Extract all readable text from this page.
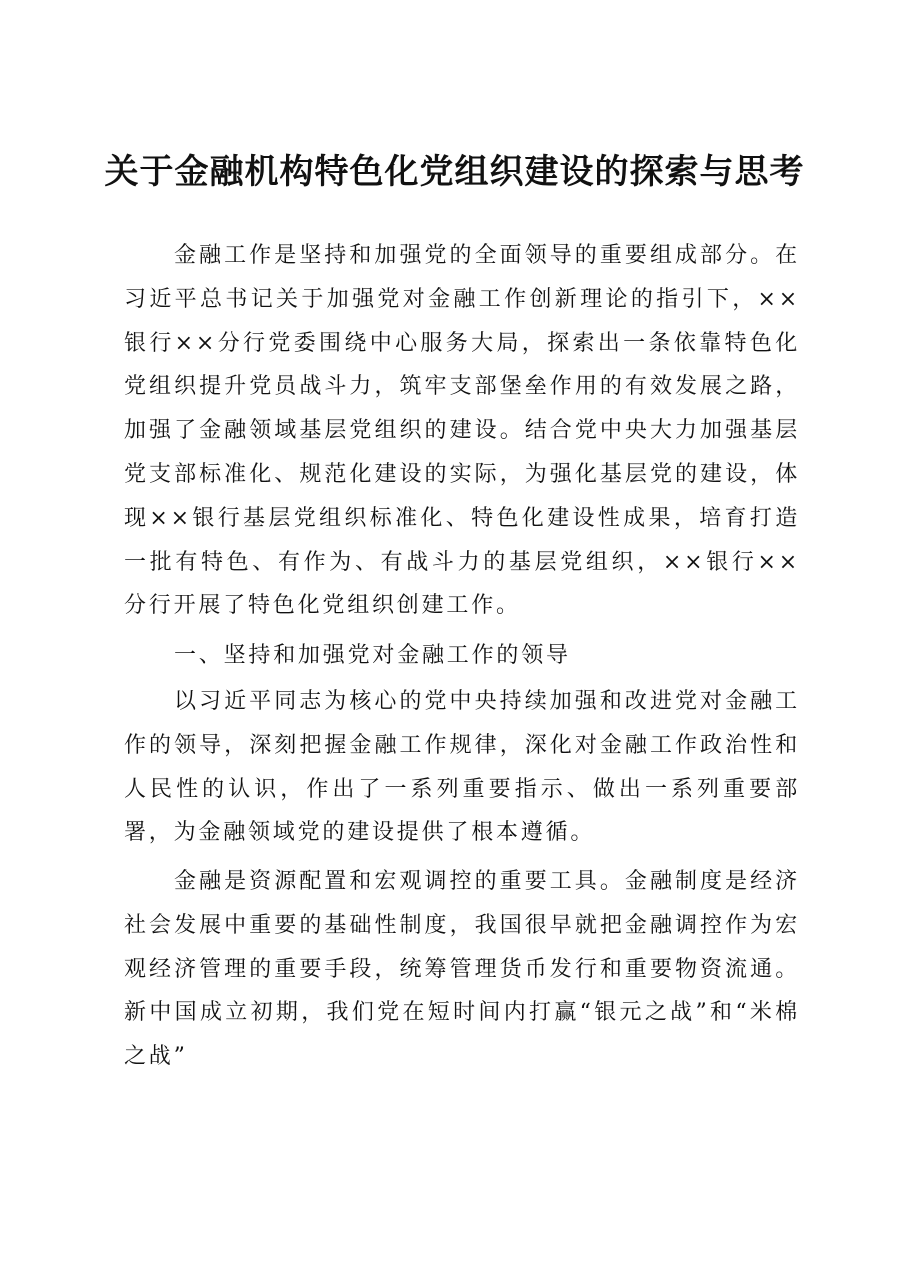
关于金融机构特色化党组织建设的探索与思考

金融工作是坚持和加强党的全面领导的重要组成部分。在习近平总书记关于加强党对金融工作创新理论的指引下，××银行××分行党委围绕中心服务大局，探索出一条依靠特色化党组织提升党员战斗力，筑牢支部堡垒作用的有效发展之路，加强了金融领域基层党组织的建设。结合党中央大力加强基层党支部标准化、规范化建设的实际，为强化基层党的建设，体现××银行基层党组织标准化、特色化建设性成果，培育打造一批有特色、有作为、有战斗力的基层党组织，××银行××分行开展了特色化党组织创建工作。

一、坚持和加强党对金融工作的领导

以习近平同志为核心的党中央持续加强和改进党对金融工作的领导，深刻把握金融工作规律，深化对金融工作政治性和人民性的认识，作出了一系列重要指示、做出一系列重要部署，为金融领域党的建设提供了根本遵循。

金融是资源配置和宏观调控的重要工具。金融制度是经济社会发展中重要的基础性制度，我国很早就把金融调控作为宏观经济管理的重要手段，统筹管理货币发行和重要物资流通。新中国成立初期，我们党在短时间内打赢“银元之战”和“米棉之战”
